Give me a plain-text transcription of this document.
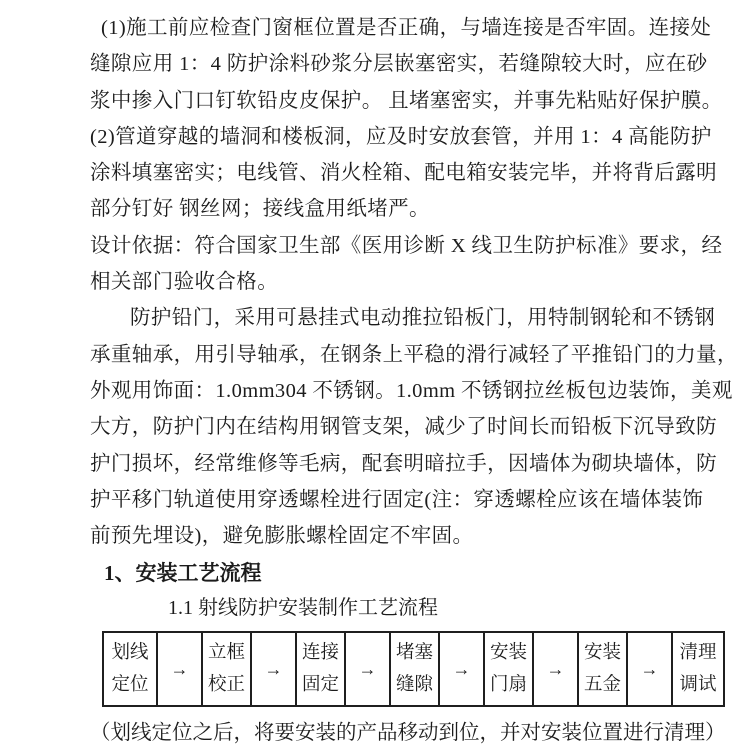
(1)施工前应检查门窗框位置是否正确，与墙连接是否牢固。连接处
缝隙应用 1：4 防护涂料砂浆分层嵌塞密实，若缝隙较大时，应在砂
浆中掺入门口钉软铅皮皮保护。 且堵塞密实，并事先粘贴好保护膜。
(2)管道穿越的墙洞和楼板洞，应及时安放套管，并用 1：4 高能防护
涂料填塞密实；电线管、消火栓箱、配电箱安装完毕，并将背后露明
部分钉好 钢丝网；接线盒用纸堵严。
设计依据：符合国家卫生部《医用诊断 X 线卫生防护标准》要求，经
相关部门验收合格。
防护铅门，采用可悬挂式电动推拉铅板门，用特制钢轮和不锈钢
承重轴承，用引导轴承，在钢条上平稳的滑行减轻了平推铅门的力量，
外观用饰面：1.0mm304 不锈钢。1.0mm 不锈钢拉丝板包边装饰，美观
大方，防护门内在结构用钢管支架，减少了时间长而铅板下沉导致防
护门损坏，经常维修等毛病，配套明暗拉手，因墙体为砌块墙体，防
护平移门轨道使用穿透螺栓进行固定(注：穿透螺栓应该在墙体装饰
前预先埋设)，避免膨胀螺栓固定不牢固。
1、安装工艺流程
1.1 射线防护安装制作工艺流程
划线
定位
	→	
立框
校正
	→	
连接
固定
	→	
堵塞
缝隙
	→	
安装
门扇
	→	
安装
五金
	→	
清理
调试
（划线定位之后，将要安装的产品移动到位，并对安装位置进行清理）
